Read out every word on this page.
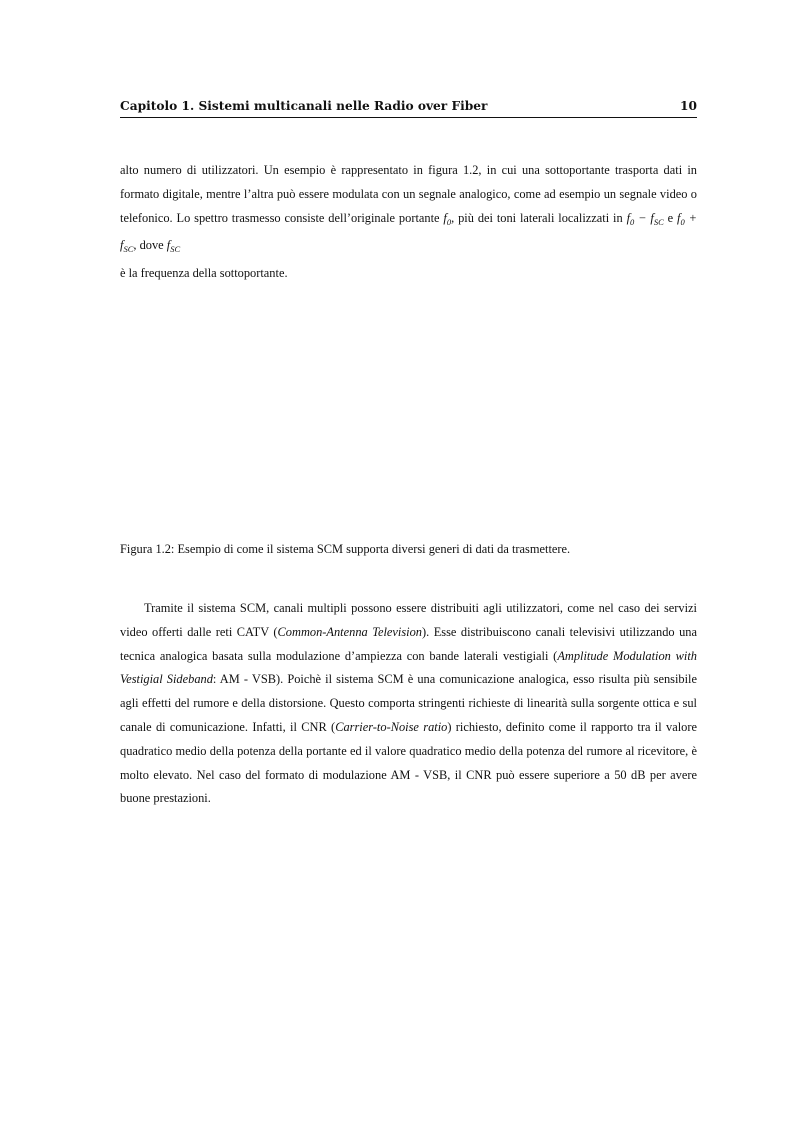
Capitolo 1. Sistemi multicanali nelle Radio over Fiber	10

alto numero di utilizzatori. Un esempio è rappresentato in figura 1.2, in cui una sottoportante trasporta dati in formato digitale, mentre l’altra può essere modulata con un segnale analogico, come ad esempio un segnale video o telefonico. Lo spettro trasmesso consiste dell’originale portante $f_0$, più dei toni laterali localizzati in $f_0 - f_{SC}$ e $f_0 + f_{SC}$, dove $f_{SC}$
è la frequenza della sottoportante.

Figura 1.2: Esempio di come il sistema SCM supporta diversi generi di dati da trasmettere.

Tramite il sistema SCM, canali multipli possono essere distribuiti agli utilizzatori, come nel caso dei servizi video offerti dalle reti CATV (Common-Antenna Television). Esse distribuiscono canali televisivi utilizzando una tecnica analogica basata sulla modulazione d’ampiezza con bande laterali vestigiali (Amplitude Modulation with Vestigial Sideband: AM - VSB). Poichè il sistema SCM è una comunicazione analogica, esso risulta più sensibile agli effetti del rumore e della distorsione. Questo comporta stringenti richieste di linearità sulla sorgente ottica e sul canale di comunicazione. Infatti, il CNR (Carrier-to-Noise ratio) richiesto, definito come il rapporto tra il valore quadratico medio della potenza della portante ed il valore quadratico medio della potenza del rumore al ricevitore, è molto elevato. Nel caso del formato di modulazione AM - VSB, il CNR può essere superiore a 50 dB per avere buone prestazioni.
